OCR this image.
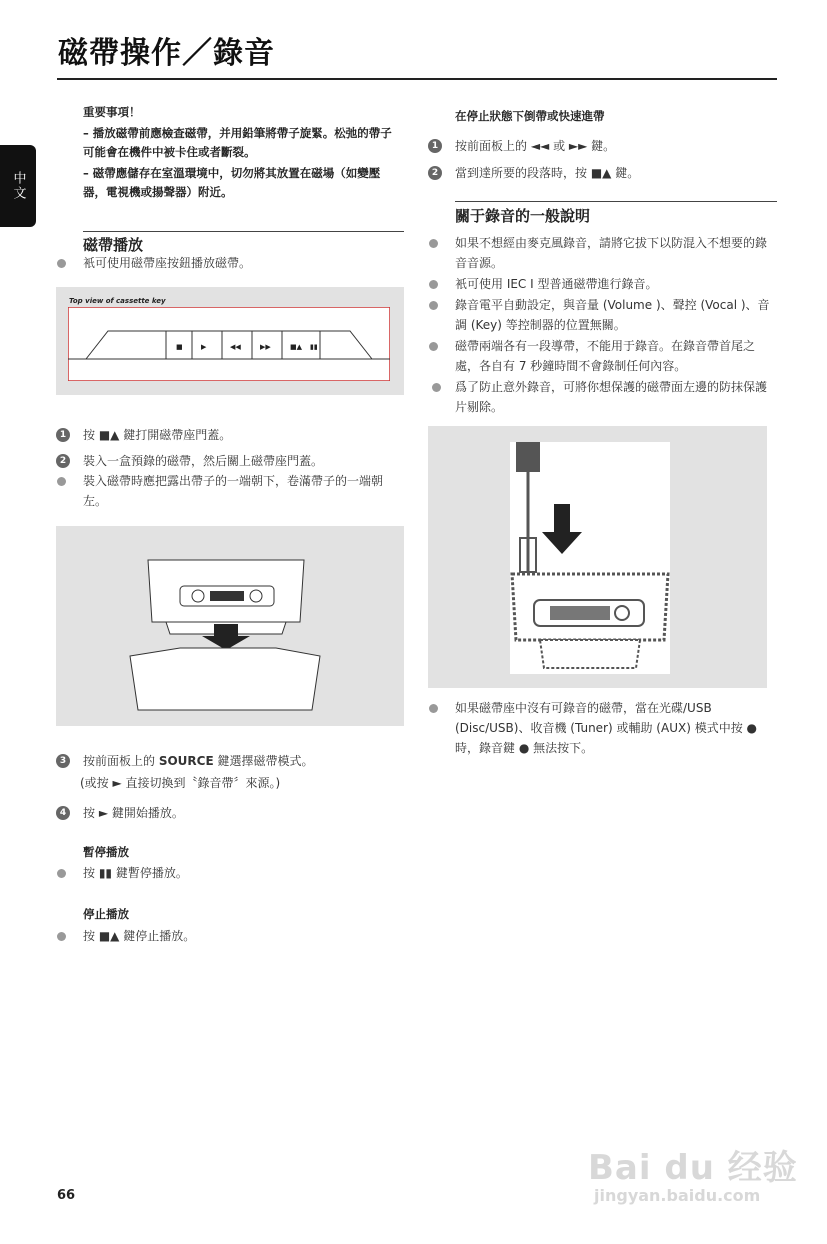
磁帶操作／錄音
中文
重要事項！
– 播放磁帶前應檢查磁帶，并用鉛筆將帶子旋緊。松弛的帶子可能會在機件中被卡住或者斷裂。
– 磁帶應儲存在室溫環境中，切勿將其放置在磁場（如變壓器，電視機或揚聲器）附近。
磁帶播放
衹可使用磁帶座按鈕播放磁帶。
Top view of cassette key
■	▶	◀◀	▶▶	■▲ ▮▮
1	按 ■▲ 鍵打開磁帶座門蓋。
2	裝入一盒預錄的磁帶，然后關上磁帶座門蓋。
裝入磁帶時應把露出帶子的一端朝下，卷滿帶子的一端朝左。
3	按前面板上的 SOURCE 鍵選擇磁帶模式。
(或按 ► 直接切換到〝錄音帶〞來源。)
4	按 ► 鍵開始播放。
暫停播放
按 ▮▮ 鍵暫停播放。
停止播放
按 ■▲ 鍵停止播放。
在停止狀態下倒帶或快速進帶
1	按前面板上的 ◄◄ 或 ►► 鍵。
2	當到達所要的段落時，按 ■▲ 鍵。
關于錄音的一般說明
如果不想經由麥克風錄音，請將它拔下以防混入不想要的錄音音源。
衹可使用 IEC I 型普通磁帶進行錄音。
錄音電平自動設定，與音量 (Volume )、聲控 (Vocal )、音調 (Key) 等控制器的位置無關。
磁帶兩端各有一段導帶，不能用于錄音。在錄音帶首尾之處，各自有 7 秒鐘時間不會錄制任何內容。
爲了防止意外錄音，可將你想保護的磁帶面左邊的防抹保護片剔除。
如果磁帶座中沒有可錄音的磁帶，當在光碟/USB (Disc/USB)、收音機 (Tuner) 或輔助 (AUX) 模式中按 ● 時，錄音鍵 ● 無法按下。
66
Bai du 经验
jingyan.baidu.com
